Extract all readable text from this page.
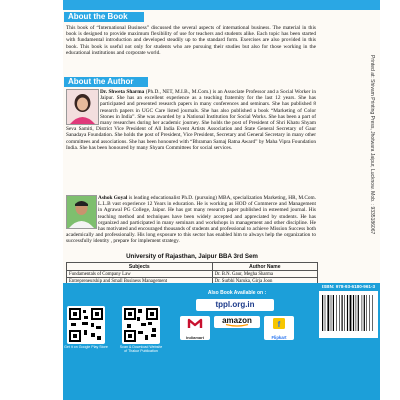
About the Book

This book of “International Business” discussed the several aspects of international business. The material in this book is designed to provide maximum flexibility of use for teachers and students alike. Each topic has been started with fundamental introduction and developed steadily up to the standard form. Exercises are also provided in this book. This book is useful not only for students who are pursuing their studies but also for those working in the educational institutions and corporate world.

About the Author

Dr. Shweta Sharma (Ph.D., NET, M.I.B., M.Com.) is an Associate Professor and a Social Worker in Jaipur. She has an excellent experience as a teaching fraternity for the last 12 years. She has participated and presented research papers in many conferences and seminars. She has published 8 research papers in UGC Care listed journals. She has also published a book “Marketing of Color Stones in India”. She was awarded by a National Institution for Social Works. She has been a part of many researches during her academic journey. She holds the post of President of Shri Khatu Shyam Seva Samiti, District Vice President of All India Event Artists Association and State General Secretary of Gaur Sanadaya Foundation. She holds the post of President, Vice President, Secretary and General Secretary in many other committees and associations. She has been honoured with “Bhraman Samaj Ratna Award” by Maha Vipra Foundation India. She has been honoured by many Shyam Committees for social services.

Ashok Goyal is leading educationalist Ph.D. (pursuing) MBA, specialization Marketing, HR, M.Com. L.L.B vast experience 12 Years in education. He is working as HOD of Commerce and Management in Agrawal PG College, Jaipur. He has got many research paper published in esteemed journal. His teaching method and techniques have been widely accepted and appreciated by students. He has organized and participated in many seminars and workshops in management and other discipline. He has motivated and encouraged thousands of students and professional to achieve Mission Success both academically and professionally. His long exposure to this sector has enabled him to always help the organization to successfully identity , prepare for implement strategy.

Printed at: Shivam Printing Press, Jhotwara Jaipur, Lucknow. Mob. : 9335186067
University of Rajasthan, Jaipur BBA 3rd Sem
Subjects	Author Name
Fundamentals of Company Law	Dr. B.N. Gaur, Megha Sharma
Entrepreneurship and Small Business Management	Dr. Surbhi Naruka, Girja Joon

Get it on Google Play Store	Scan & Download Website of Thakur Publication
Also Book Available on :
tppl.org.in
Indiamart
amazon	f
Flipkart
ISBN: 978-93-6180-961-3
